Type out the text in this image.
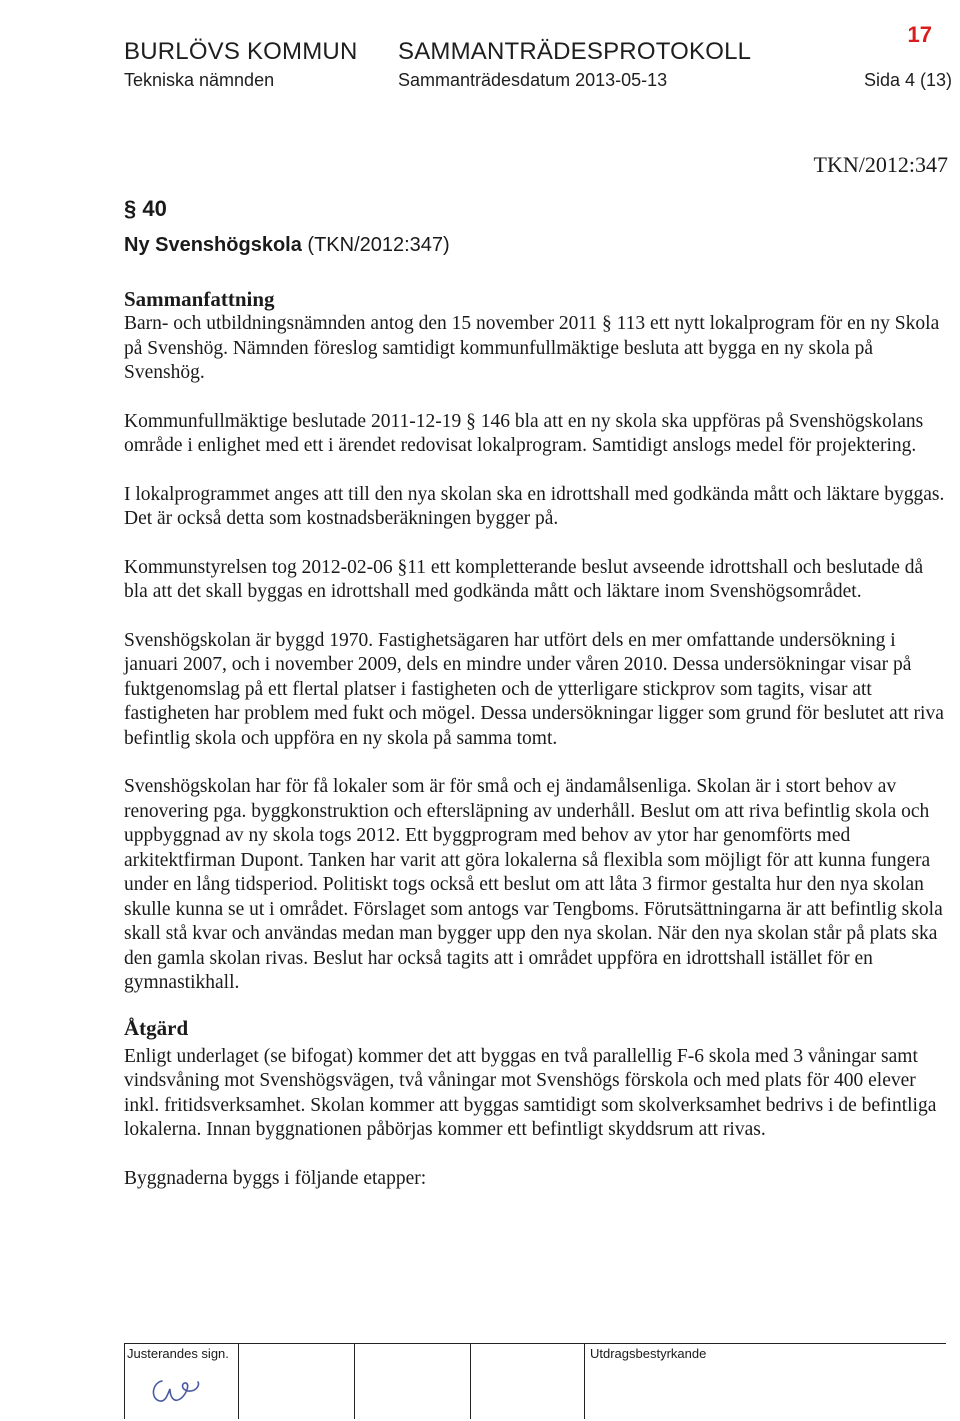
BURLÖVS KOMMUN SAMMANTRÄDESPROTOKOLL
Tekniska nämnden	Sammanträdesdatum 2013-05-13	Sida 4 (13)
17
TKN/2012:347
§ 40
Ny Svenshögskola (TKN/2012:347)
Sammanfattning

Barn- och utbildningsnämnden antog den 15 november 2011 § 113 ett nytt lokalprogram för en ny Skola på Svenshög. Nämnden föreslog samtidigt kommunfullmäktige besluta att bygga en ny skola på Svenshög.

Kommunfullmäktige beslutade 2011-12-19 § 146 bla att en ny skola ska uppföras på Svenshögskolans område i enlighet med ett i ärendet redovisat lokalprogram. Samtidigt anslogs medel för projektering.

I lokalprogrammet anges att till den nya skolan ska en idrottshall med godkända mått och läktare byggas. Det är också detta som kostnadsberäkningen bygger på.

Kommunstyrelsen tog 2012-02-06 §11 ett kompletterande beslut avseende idrottshall och beslutade då bla att det skall byggas en idrottshall med godkända mått och läktare inom Svenshögsområdet.

Svenshögskolan är byggd 1970. Fastighetsägaren har utfört dels en mer omfattande undersökning i januari 2007, och i november 2009, dels en mindre under våren 2010. Dessa undersökningar visar på fuktgenomslag på ett flertal platser i fastigheten och de ytterligare stickprov som tagits, visar att fastigheten har problem med fukt och mögel. Dessa undersökningar ligger som grund för beslutet att riva befintlig skola och uppföra en ny skola på samma tomt.

Svenshögskolan har för få lokaler som är för små och ej ändamålsenliga. Skolan är i stort behov av renovering pga. byggkonstruktion och eftersläpning av underhåll. Beslut om att riva befintlig skola och uppbyggnad av ny skola togs 2012. Ett byggprogram med behov av ytor har genomförts med arkitektfirman Dupont. Tanken har varit att göra lokalerna så flexibla som möjligt för att kunna fungera under en lång tidsperiod. Politiskt togs också ett beslut om att låta 3 firmor gestalta hur den nya skolan skulle kunna se ut i området. Förslaget som antogs var Tengboms. Förutsättningarna är att befintlig skola skall stå kvar och användas medan man bygger upp den nya skolan. När den nya skolan står på plats ska den gamla skolan rivas. Beslut har också tagits att i området uppföra en idrottshall istället för en gymnastikhall.

Åtgärd

Enligt underlaget (se bifogat) kommer det att byggas en två parallellig F-6 skola med 3 våningar samt vindsvåning mot Svenshögsvägen, två våningar mot Svenshögs förskola och med plats för 400 elever inkl. fritidsverksamhet. Skolan kommer att byggas samtidigt som skolverksamhet bedrivs i de befintliga lokalerna. Innan byggnationen påbörjas kommer ett befintligt skyddsrum att rivas.

Byggnaderna byggs i följande etapper:

Justerandes sign.	Utdragsbestyrkande
